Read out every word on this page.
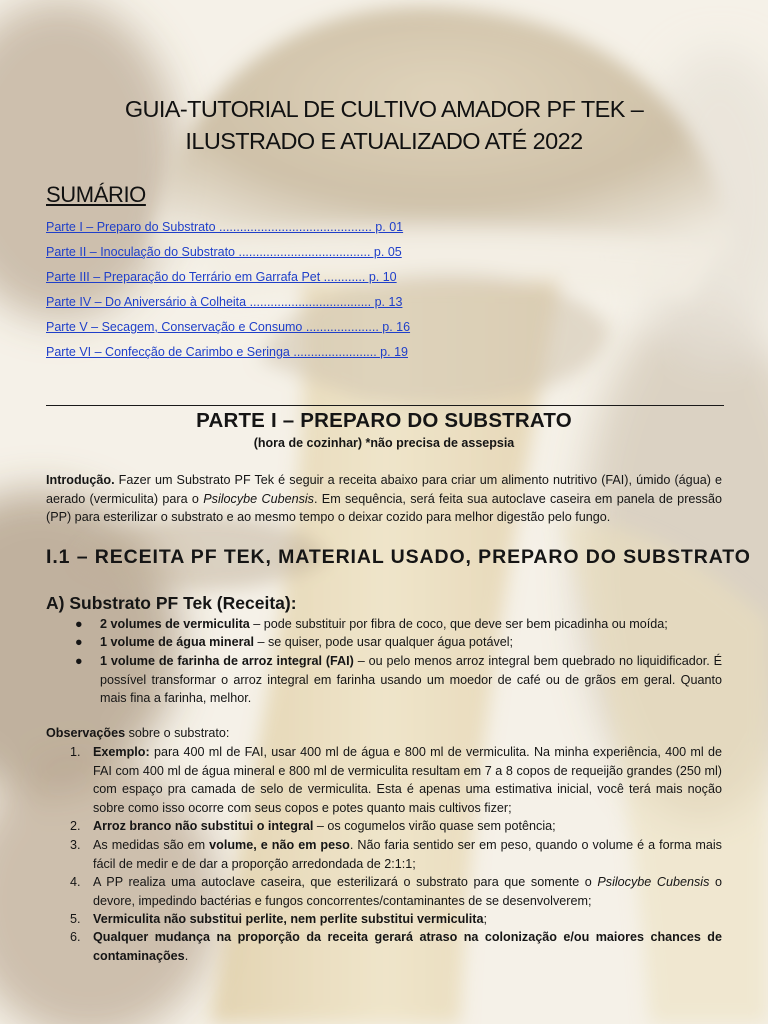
GUIA-TUTORIAL DE CULTIVO AMADOR PF TEK –
ILUSTRADO E ATUALIZADO ATÉ 2022
SUMÁRIO
Parte I – Preparo do Substrato ............................................ p. 01
Parte II – Inoculação do Substrato ...................................... p. 05
Parte III – Preparação do Terrário em Garrafa Pet ............ p. 10
Parte IV – Do Aniversário à Colheita ................................... p. 13
Parte V – Secagem, Conservação e Consumo ..................... p. 16
Parte VI – Confecção de Carimbo e Seringa ........................ p. 19
PARTE I – PREPARO DO SUBSTRATO
(hora de cozinhar) *não precisa de assepsia
Introdução. Fazer um Substrato PF Tek é seguir a receita abaixo para criar um alimento nutritivo (FAI), úmido (água) e aerado (vermiculita) para o Psilocybe Cubensis. Em sequência, será feita sua autoclave caseira em panela de pressão (PP) para esterilizar o substrato e ao mesmo tempo o deixar cozido para melhor digestão pelo fungo.
I.1 – RECEITA PF TEK, MATERIAL USADO, PREPARO DO SUBSTRATO
A) Substrato PF Tek (Receita):
● 2 volumes de vermiculita – pode substituir por fibra de coco, que deve ser bem picadinha ou moída;
● 1 volume de água mineral – se quiser, pode usar qualquer água potável;
● 1 volume de farinha de arroz integral (FAI) – ou pelo menos arroz integral bem quebrado no liquidificador. É possível transformar o arroz integral em farinha usando um moedor de café ou de grãos em geral. Quanto mais fina a farinha, melhor.
Observações sobre o substrato:
1. Exemplo: para 400 ml de FAI, usar 400 ml de água e 800 ml de vermiculita. Na minha experiência, 400 ml de FAI com 400 ml de água mineral e 800 ml de vermiculita resultam em 7 a 8 copos de requeijão grandes (250 ml) com espaço pra camada de selo de vermiculita. Esta é apenas uma estimativa inicial, você terá mais noção sobre como isso ocorre com seus copos e potes quanto mais cultivos fizer;
2. Arroz branco não substitui o integral – os cogumelos virão quase sem potência;
3. As medidas são em volume, e não em peso. Não faria sentido ser em peso, quando o volume é a forma mais fácil de medir e de dar a proporção arredondada de 2:1:1;
4. A PP realiza uma autoclave caseira, que esterilizará o substrato para que somente o Psilocybe Cubensis o devore, impedindo bactérias e fungos concorrentes/contaminantes de se desenvolverem;
5. Vermiculita não substitui perlite, nem perlite substitui vermiculita;
6. Qualquer mudança na proporção da receita gerará atraso na colonização e/ou maiores chances de contaminações.
